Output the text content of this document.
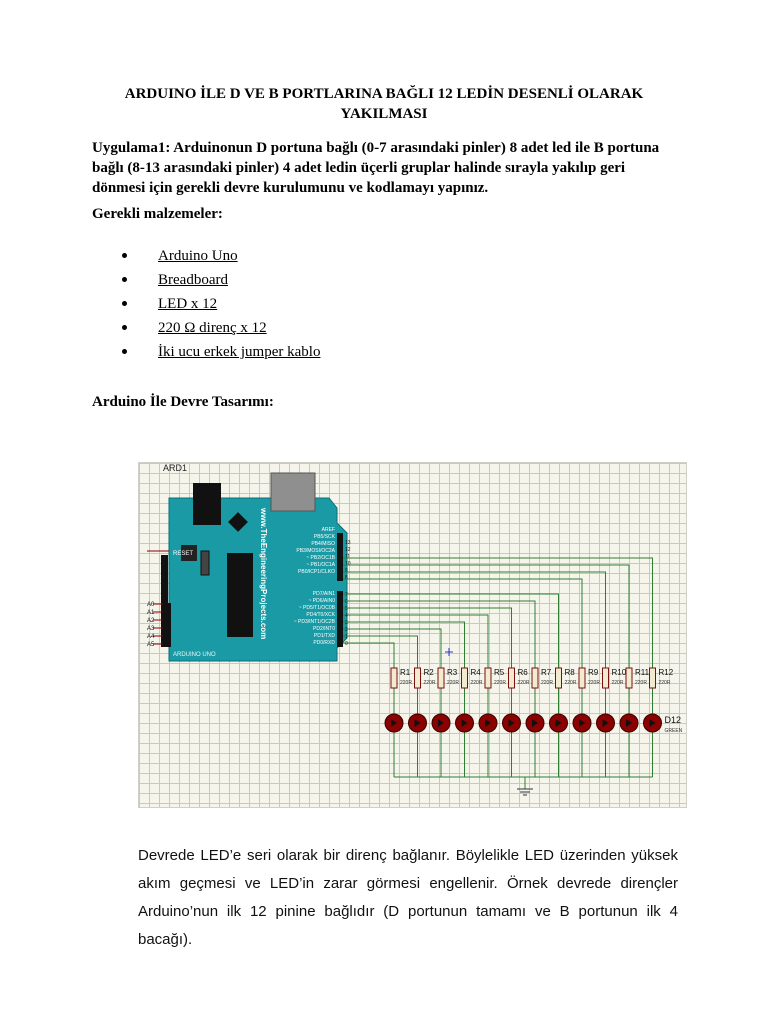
ARDUINO İLE D VE B PORTLARINA BAĞLI 12 LEDİN DESENLİ OLARAK YAKILMASI
Uygulama1: Arduinonun D portuna bağlı (0-7 arasındaki pinler) 8 adet led ile B portuna bağlı (8-13 arasındaki pinler) 4 adet ledin üçerli gruplar halinde sırayla yakılıp geri dönmesi için gerekli devre kurulumunu ve kodlamayı yapınız.
Gerekli malzemeler:
Arduino Uno
Breadboard
LED x 12
220 Ω direnç x 12
İki ucu erkek jumper kablo
Arduino İle Devre Tasarımı:
ARD1
www.TheEngineeringProjects.com
ARDUINO UNO
RESET
A0
A1
A2
A3
A4
A5
AREF
PB5/SCK
PB4/MISO
PB3/MOSI/OC2A
~ PB2/OC1B
~ PB1/OC1A
PB0/ICP1/CLKO
13
12
11
10
9
8
PD7/AIN1
~ PD6/AIN0
~ PD5/T1/OC0B
PD4/T0/XCK
~ PD3/INT1/OC2B
PD2/INT0
PD1/TXD
PD0/RXD
7
6
5
4
3
2
1
0
R1
220R
R2
220R
R3
220R
R4
220R
R5
220R
R6
220R
R7
220R
R8
220R
R9
220R
R10
220R
R11
220R
R12
220R
D12
GREEN
Devrede LED’e seri olarak bir direnç bağlanır. Böylelikle LED üzerinden yüksek akım geçmesi ve LED’in zarar görmesi engellenir. Örnek devrede dirençler Arduino’nun ilk 12 pinine bağlıdır (D portunun tamamı ve B portunun ilk 4 bacağı).
